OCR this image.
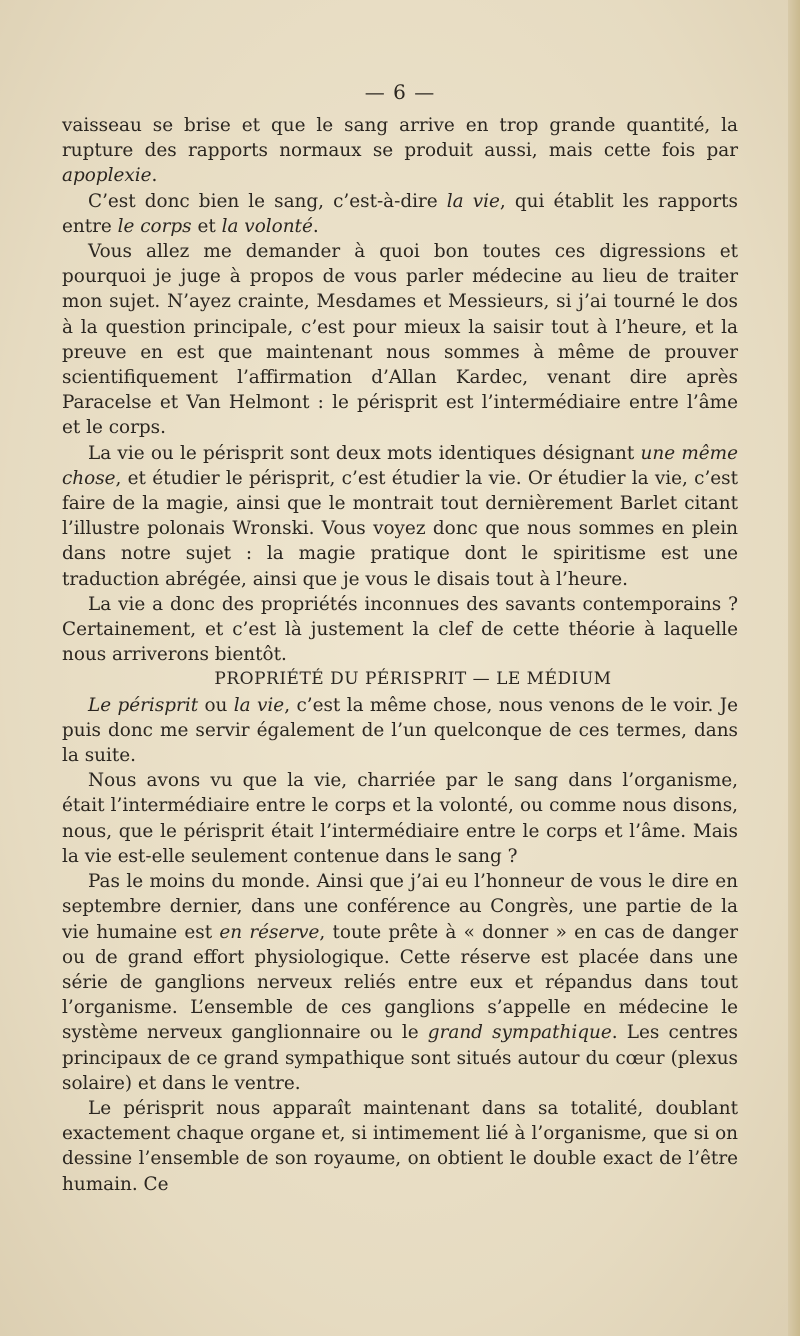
— 6 —

vaisseau se brise et que le sang arrive en trop grande quantité, la rupture des rapports normaux se produit aussi, mais cette fois par apoplexie.

C’est donc bien le sang, c’est-à-dire la vie, qui établit les rapports entre le corps et la volonté.

Vous allez me demander à quoi bon toutes ces digressions et pourquoi je juge à propos de vous parler médecine au lieu de traiter mon sujet. N’ayez crainte, Mesdames et Messieurs, si j’ai tourné le dos à la question principale, c’est pour mieux la saisir tout à l’heure, et la preuve en est que maintenant nous sommes à même de prouver scientifiquement l’affirmation d’Allan Kardec, venant dire après Paracelse et Van Helmont : le périsprit est l’intermédiaire entre l’âme et le corps.

La vie ou le périsprit sont deux mots identiques désignant une même chose, et étudier le périsprit, c’est étudier la vie. Or étudier la vie, c’est faire de la magie, ainsi que le montrait tout dernièrement Barlet citant l’illustre polonais Wronski. Vous voyez donc que nous sommes en plein dans notre sujet : la magie pratique dont le spiritisme est une traduction abrégée, ainsi que je vous le disais tout à l’heure.

La vie a donc des propriétés inconnues des savants contemporains ? Certainement, et c’est là justement la clef de cette théorie à laquelle nous arriverons bientôt.

PROPRIÉTÉ DU PÉRISPRIT — LE MÉDIUM

Le périsprit ou la vie, c’est la même chose, nous venons de le voir. Je puis donc me servir également de l’un quelconque de ces termes, dans la suite.

Nous avons vu que la vie, charriée par le sang dans l’organisme, était l’intermédiaire entre le corps et la volonté, ou comme nous disons, nous, que le périsprit était l’intermédiaire entre le corps et l’âme. Mais la vie est-elle seulement contenue dans le sang ?

Pas le moins du monde. Ainsi que j’ai eu l’honneur de vous le dire en septembre dernier, dans une conférence au Congrès, une partie de la vie humaine est en réserve, toute prête à « donner » en cas de danger ou de grand effort physiologique. Cette réserve est placée dans une série de ganglions nerveux reliés entre eux et répandus dans tout l’organisme. L’ensemble de ces ganglions s’appelle en médecine le système nerveux ganglionnaire ou le grand sympathique. Les centres principaux de ce grand sympathique sont situés autour du cœur (plexus solaire) et dans le ventre.

Le périsprit nous apparaît maintenant dans sa totalité, doublant exactement chaque organe et, si intimement lié à l’organisme, que si on dessine l’ensemble de son royaume, on obtient le double exact de l’être humain. Ce
